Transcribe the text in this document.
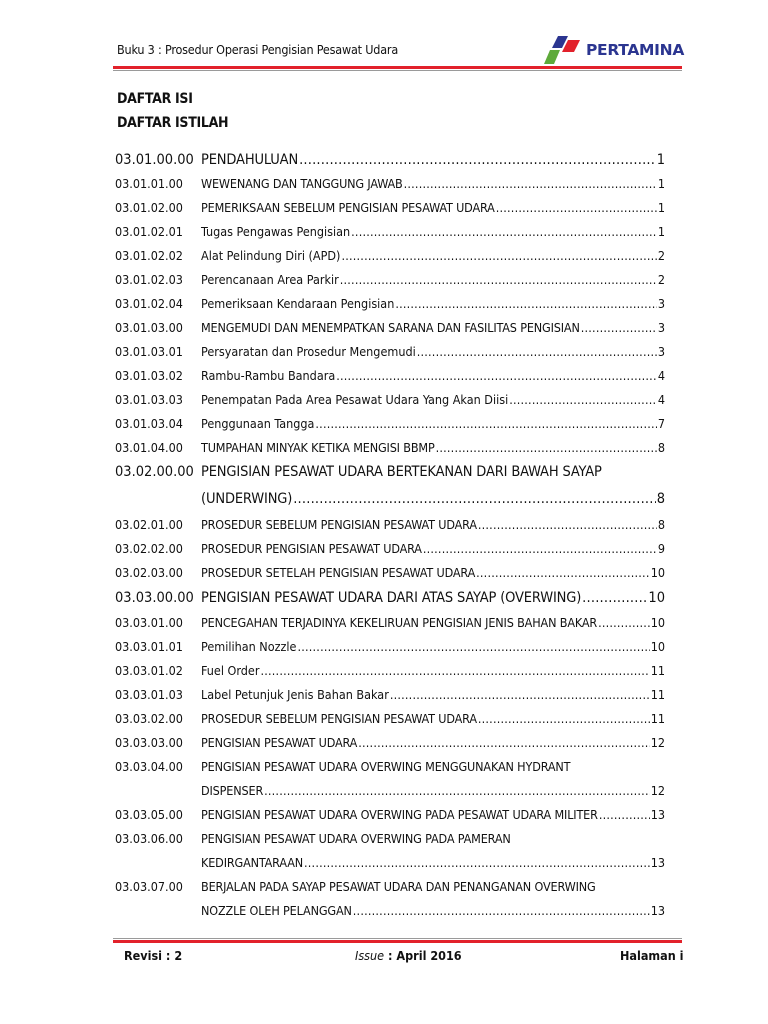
Buku 3 : Prosedur Operasi Pengisian Pesawat Udara	PERTAMINA
DAFTAR ISI
DAFTAR ISTILAH
03.01.00.00 PENDAHULUAN .....	1
03.01.01.00 WEWENANG DAN TANGGUNG JAWAB .....	1
03.01.02.00 PEMERIKSAAN SEBELUM PENGISIAN PESAWAT UDARA .....	1
03.01.02.01 Tugas Pengawas Pengisian .....	1
03.01.02.02 Alat Pelindung Diri (APD) .....	2
03.01.02.03 Perencanaan Area Parkir .....	2
03.01.02.04 Pemeriksaan Kendaraan Pengisian .....	3
03.01.03.00 MENGEMUDI DAN MENEMPATKAN SARANA DAN FASILITAS PENGISIAN .....	3
03.01.03.01 Persyaratan dan Prosedur Mengemudi .....	3
03.01.03.02 Rambu-Rambu Bandara .....	4
03.01.03.03 Penempatan Pada Area Pesawat Udara Yang Akan Diisi .....	4
03.01.03.04 Penggunaan Tangga .....	7
03.01.04.00 TUMPAHAN MINYAK KETIKA MENGISI BBMP .....	8
03.02.00.00 PENGISIAN PESAWAT UDARA BERTEKANAN DARI BAWAH SAYAP
(UNDERWING) .....	8
03.02.01.00 PROSEDUR SEBELUM PENGISIAN PESAWAT UDARA .....	8
03.02.02.00 PROSEDUR PENGISIAN PESAWAT UDARA .....	9
03.02.03.00 PROSEDUR SETELAH PENGISIAN PESAWAT UDARA .....	10
03.03.00.00 PENGISIAN PESAWAT UDARA DARI ATAS SAYAP (OVERWING) .....	10
03.03.01.00 PENCEGAHAN TERJADINYA KEKELIRUAN PENGISIAN JENIS BAHAN BAKAR .....	10
03.03.01.01 Pemilihan Nozzle .....	10
03.03.01.02 Fuel Order .....	11
03.03.01.03 Label Petunjuk Jenis Bahan Bakar .....	11
03.03.02.00 PROSEDUR SEBELUM PENGISIAN PESAWAT UDARA .....	11
03.03.03.00 PENGISIAN PESAWAT UDARA .....	12
03.03.04.00 PENGISIAN PESAWAT UDARA OVERWING MENGGUNAKAN HYDRANT
DISPENSER .....	12
03.03.05.00 PENGISIAN PESAWAT UDARA OVERWING PADA PESAWAT UDARA MILITER .....	13
03.03.06.00 PENGISIAN PESAWAT UDARA OVERWING PADA PAMERAN
KEDIRGANTARAAN .....	13
03.03.07.00 BERJALAN PADA SAYAP PESAWAT UDARA DAN PENANGANAN OVERWING
NOZZLE OLEH PELANGGAN .....	13
Revisi : 2	Issue : April 2016	Halaman i
